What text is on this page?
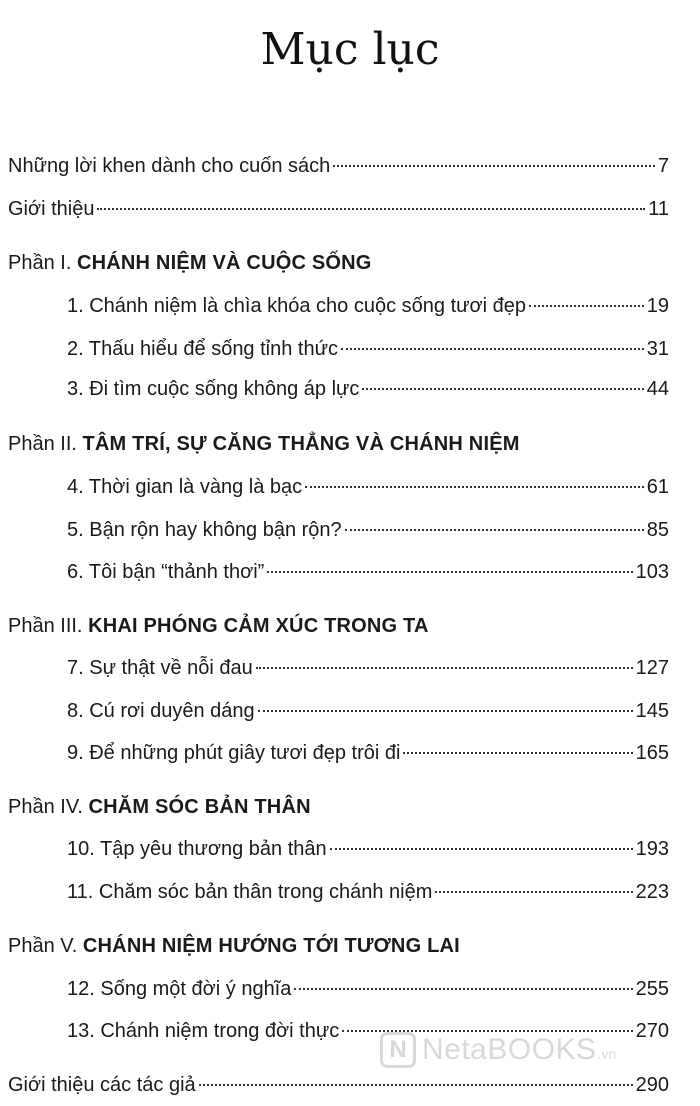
Mục lục
Những lời khen dành cho cuốn sách	7
Giới thiệu	11
Phần I. CHÁNH NIỆM VÀ CUỘC SỐNG
1. Chánh niệm là chìa khóa cho cuộc sống tươi đẹp	19
2. Thấu hiểu để sống tỉnh thức	31
3. Đi tìm cuộc sống không áp lực	44
Phần II. TÂM TRÍ, SỰ CĂNG THẲNG VÀ CHÁNH NIỆM
4. Thời gian là vàng là bạc	61
5. Bận rộn hay không bận rộn?	85
6. Tôi bận “thảnh thơi”	103
Phần III. KHAI PHÓNG CẢM XÚC TRONG TA
7. Sự thật về nỗi đau	127
8. Cú rơi duyên dáng	145
9. Để những phút giây tươi đẹp trôi đi	165
Phần IV. CHĂM SÓC BẢN THÂN
10. Tập yêu thương bản thân	193
11. Chăm sóc bản thân trong chánh niệm	223
Phần V. CHÁNH NIỆM HƯỚNG TỚI TƯƠNG LAI
12. Sống một đời ý nghĩa	255
13. Chánh niệm trong đời thực	270
Giới thiệu các tác giả	290
N NetaBOOKS .vn
